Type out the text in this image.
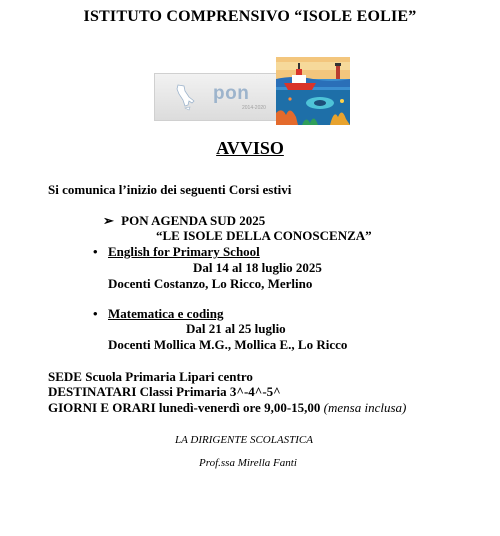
ISTITUTO COMPRENSIVO “ISOLE EOLIE”
pon
2014-2020
AVVISO
Si comunica l’inizio dei seguenti Corsi estivi
➢ PON AGENDA SUD 2025
“LE ISOLE DELLA CONOSCENZA”
• English for Primary School
Dal 14 al 18 luglio 2025
Docenti Costanzo, Lo Ricco, Merlino
• Matematica e coding
Dal 21 al 25 luglio
Docenti Mollica M.G., Mollica E., Lo Ricco
SEDE Scuola Primaria Lipari centro
DESTINATARI Classi Primaria 3^-4^-5^
GIORNI E ORARI lunedì-venerdì ore 9,00-15,00 (mensa inclusa)
LA DIRIGENTE SCOLASTICA
Prof.ssa Mirella Fanti
